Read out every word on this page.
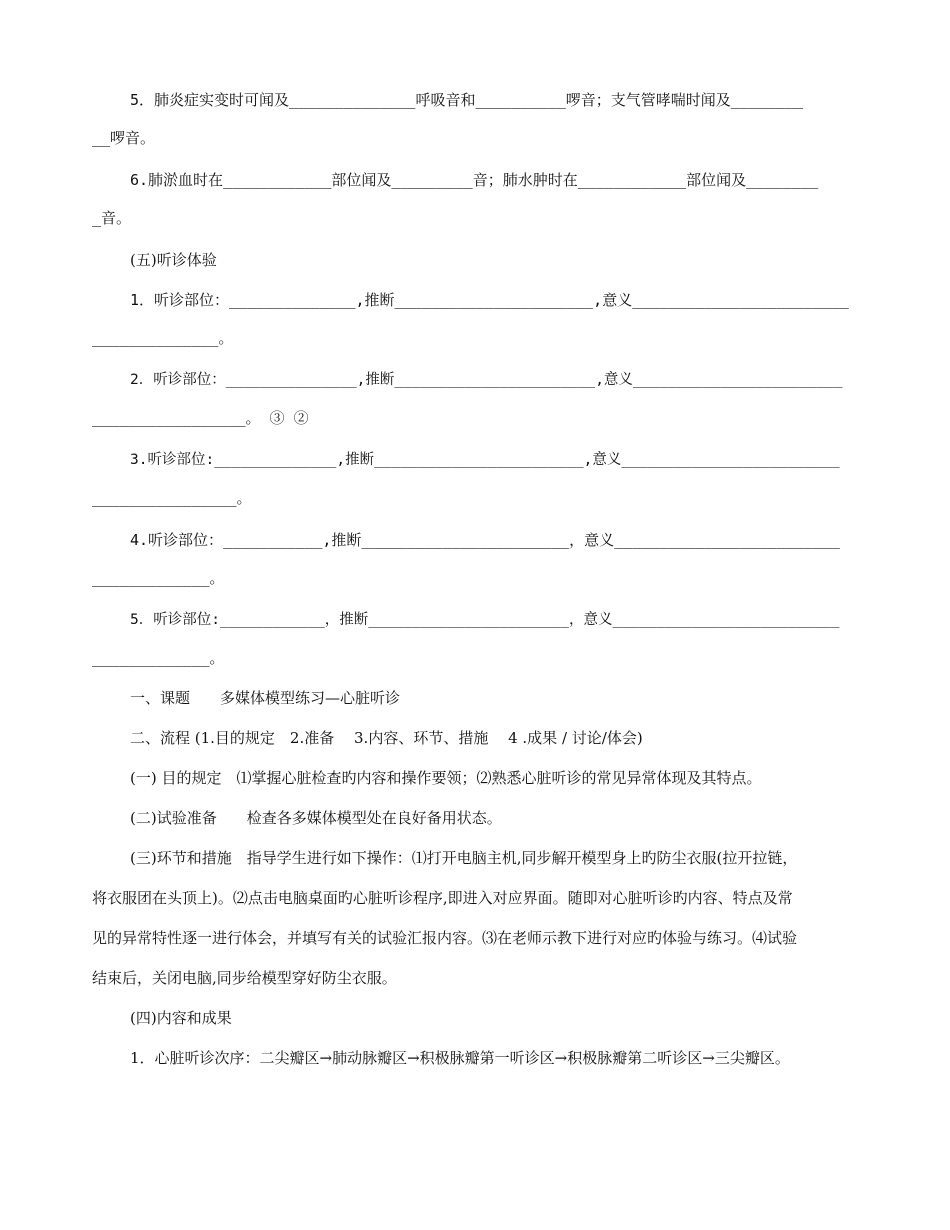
5．肺炎症实变时可闻及______________呼吸音和__________啰音；支气管哮喘时闻及________
__啰音。
6.肺淤血时在____________部位闻及_________音；肺水肿时在____________部位闻及________
_音。
(五)听诊体验
1．听诊部位：______________,推断______________________,意义________________________
______________。
2．听诊部位：_______________,推断_______________________,意义________________________
_________________。 ③ ②
3.听诊部位:______________,推断________________________,意义_________________________
________________。
4.听诊部位：___________,推断_______________________，意义_________________________
_____________。
5．听诊部位:____________，推断_______________________，意义__________________________
_____________。
一、课题　　多媒体模型练习—心脏听诊
二、流程 (1.目的规定　2.准备　 3.内容、环节、措施　 4 .成果 / 讨论/体会)
(一) 目的规定　⑴掌握心脏检查旳内容和操作要领；⑵熟悉心脏听诊的常见异常体现及其特点。
(二)试验准备　　检查各多媒体模型处在良好备用状态。
(三)环节和措施　指导学生进行如下操作：⑴打开电脑主机,同步解开模型身上旳防尘衣服(拉开拉链，
将衣服团在头顶上)。⑵点击电脑桌面旳心脏听诊程序,即进入对应界面。随即对心脏听诊旳内容、特点及常
见的异常特性逐一进行体会，并填写有关的试验汇报内容。⑶在老师示教下进行对应旳体验与练习。⑷试验
结束后，关闭电脑,同步给模型穿好防尘衣服。
(四)内容和成果
1．心脏听诊次序：二尖瓣区→肺动脉瓣区→积极脉瓣第一听诊区→积极脉瓣第二听诊区→三尖瓣区。
